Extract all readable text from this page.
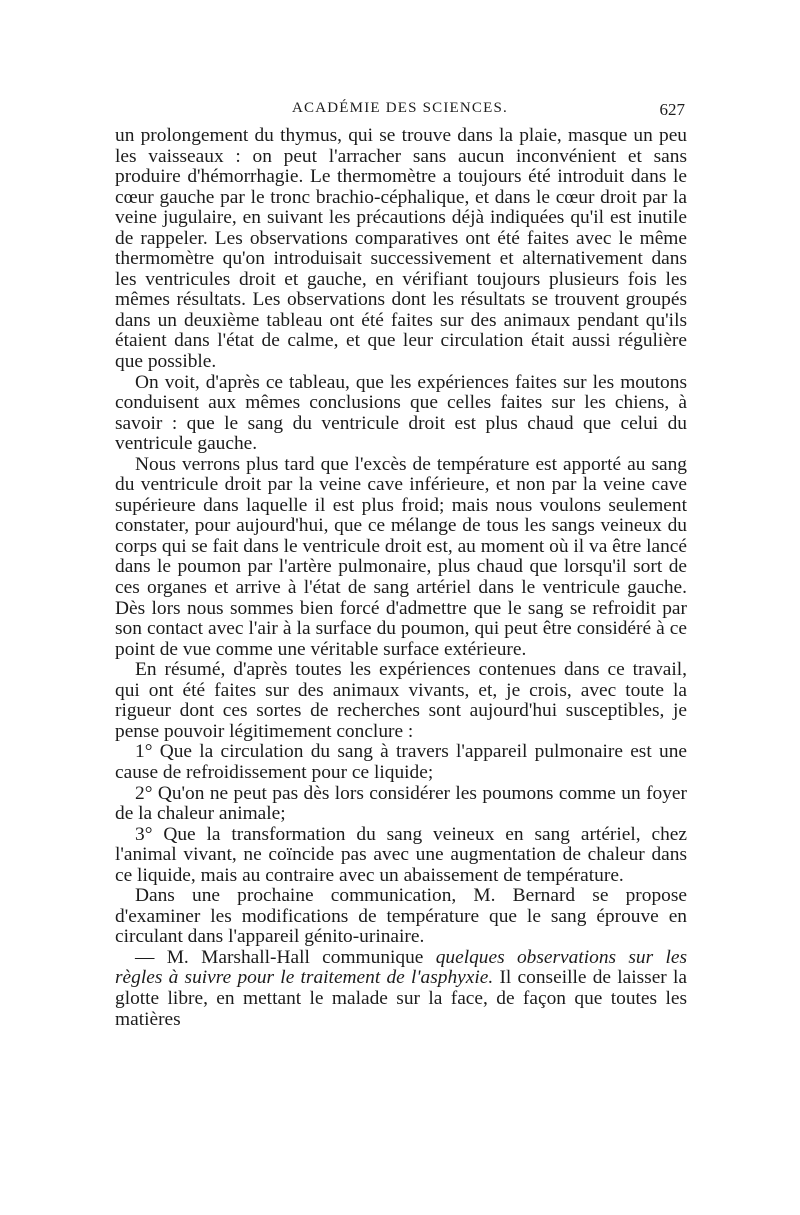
ACADÉMIE DES SCIENCES.	627

un prolongement du thymus, qui se trouve dans la plaie, masque un peu les vaisseaux : on peut l'arracher sans aucun inconvénient et sans produire d'hémorrhagie. Le thermomètre a toujours été introduit dans le cœur gauche par le tronc brachio-céphalique, et dans le cœur droit par la veine jugulaire, en suivant les précautions déjà indiquées qu'il est inutile de rappeler. Les observations comparatives ont été faites avec le même thermomètre qu'on introduisait successivement et alternativement dans les ventricules droit et gauche, en vérifiant toujours plusieurs fois les mêmes résultats. Les observations dont les résultats se trouvent groupés dans un deuxième tableau ont été faites sur des animaux pendant qu'ils étaient dans l'état de calme, et que leur circulation était aussi régulière que possible.

On voit, d'après ce tableau, que les expériences faites sur les moutons conduisent aux mêmes conclusions que celles faites sur les chiens, à savoir : que le sang du ventricule droit est plus chaud que celui du ventricule gauche.

Nous verrons plus tard que l'excès de température est apporté au sang du ventricule droit par la veine cave inférieure, et non par la veine cave supérieure dans laquelle il est plus froid; mais nous voulons seulement constater, pour aujourd'hui, que ce mélange de tous les sangs veineux du corps qui se fait dans le ventricule droit est, au moment où il va être lancé dans le poumon par l'artère pulmonaire, plus chaud que lorsqu'il sort de ces organes et arrive à l'état de sang artériel dans le ventricule gauche. Dès lors nous sommes bien forcé d'admettre que le sang se refroidit par son contact avec l'air à la surface du poumon, qui peut être considéré à ce point de vue comme une véritable surface extérieure.

En résumé, d'après toutes les expériences contenues dans ce travail, qui ont été faites sur des animaux vivants, et, je crois, avec toute la rigueur dont ces sortes de recherches sont aujourd'hui susceptibles, je pense pouvoir légitimement conclure :

1° Que la circulation du sang à travers l'appareil pulmonaire est une cause de refroidissement pour ce liquide;

2° Qu'on ne peut pas dès lors considérer les poumons comme un foyer de la chaleur animale;

3° Que la transformation du sang veineux en sang artériel, chez l'animal vivant, ne coïncide pas avec une augmentation de chaleur dans ce liquide, mais au contraire avec un abaissement de température.

Dans une prochaine communication, M. Bernard se propose d'examiner les modifications de température que le sang éprouve en circulant dans l'appareil génito-urinaire.

— M. Marshall-Hall communique quelques observations sur les règles à suivre pour le traitement de l'asphyxie. Il conseille de laisser la glotte libre, en mettant le malade sur la face, de façon que toutes les matières
